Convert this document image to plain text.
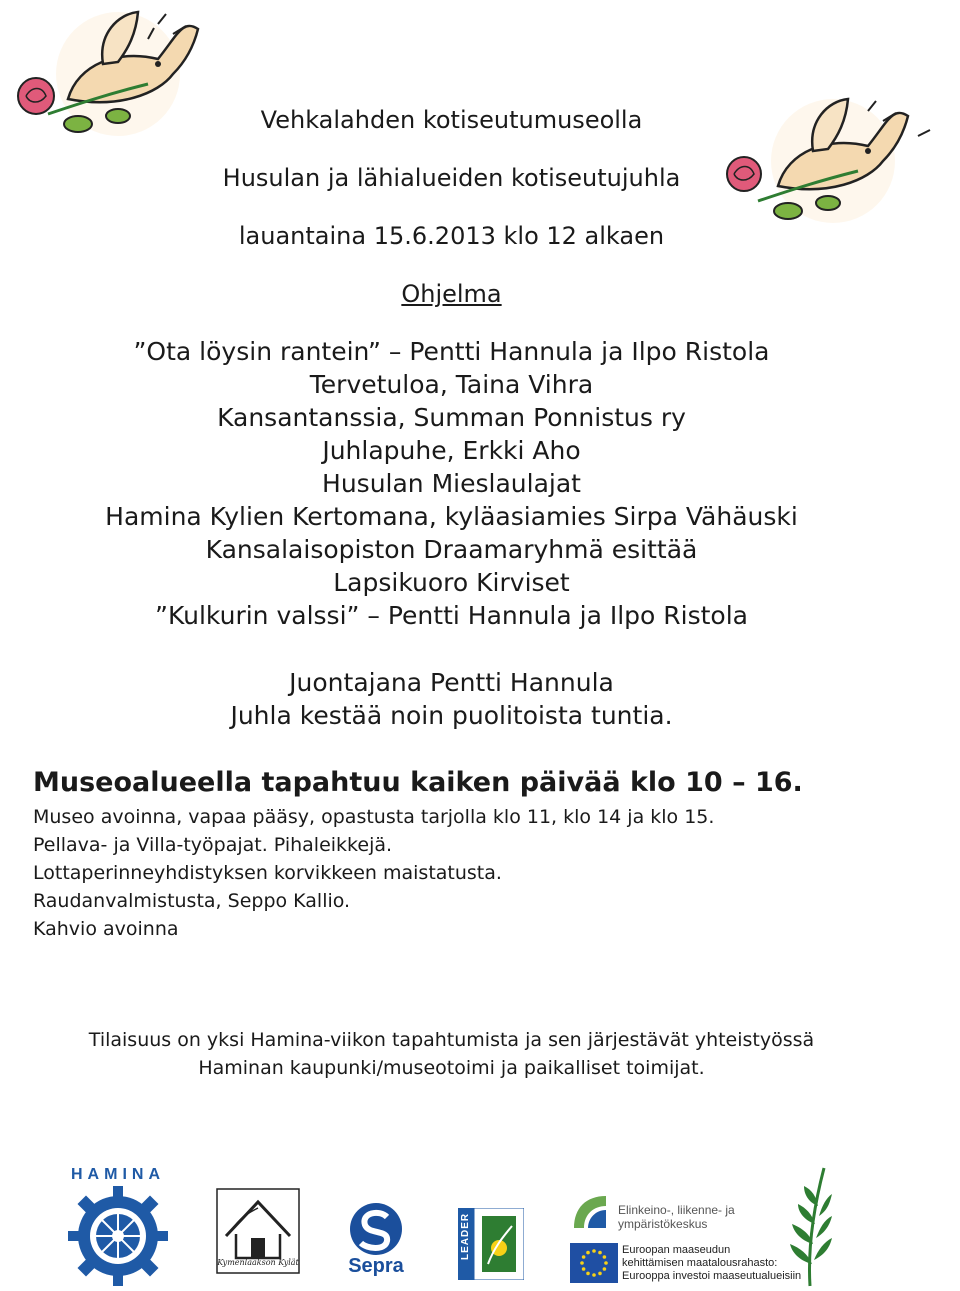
Vehkalahden kotiseutumuseolla
Husulan ja lähialueiden kotiseutujuhla
lauantaina 15.6.2013 klo 12 alkaen
Ohjelma
”Ota löysin rantein” – Pentti Hannula ja Ilpo Ristola
Tervetuloa, Taina Vihra
Kansantanssia, Summan Ponnistus ry
Juhlapuhe, Erkki Aho
Husulan Mieslaulajat
Hamina Kylien Kertomana, kyläasiamies Sirpa Vähäuski
Kansalaisopiston Draamaryhmä esittää
Lapsikuoro Kirviset
”Kulkurin valssi” – Pentti Hannula ja Ilpo Ristola
Juontajana Pentti Hannula
Juhla kestää noin puolitoista tuntia.
Museoalueella tapahtuu kaiken päivää klo 10 – 16.
Museo avoinna, vapaa pääsy, opastusta tarjolla klo 11, klo 14 ja klo 15.
Pellava- ja Villa-työpajat. Pihaleikkejä.
Lottaperinneyhdistyksen korvikkeen maistatusta.
Raudanvalmistusta, Seppo Kallio.
Kahvio avoinna
Tilaisuus on yksi Hamina-viikon tapahtumista ja sen järjestävät yhteistyössä
Haminan kaupunki/museotoimi ja paikalliset toimijat.
HAMINA
Kymenlaakson Kylät Sepra
LEADER
Elinkeino-, liikenne- ja
ympäristökeskus
Euroopan maaseudun
kehittämisen maatalousrahasto:
Eurooppa investoi maaseutualueisiin
